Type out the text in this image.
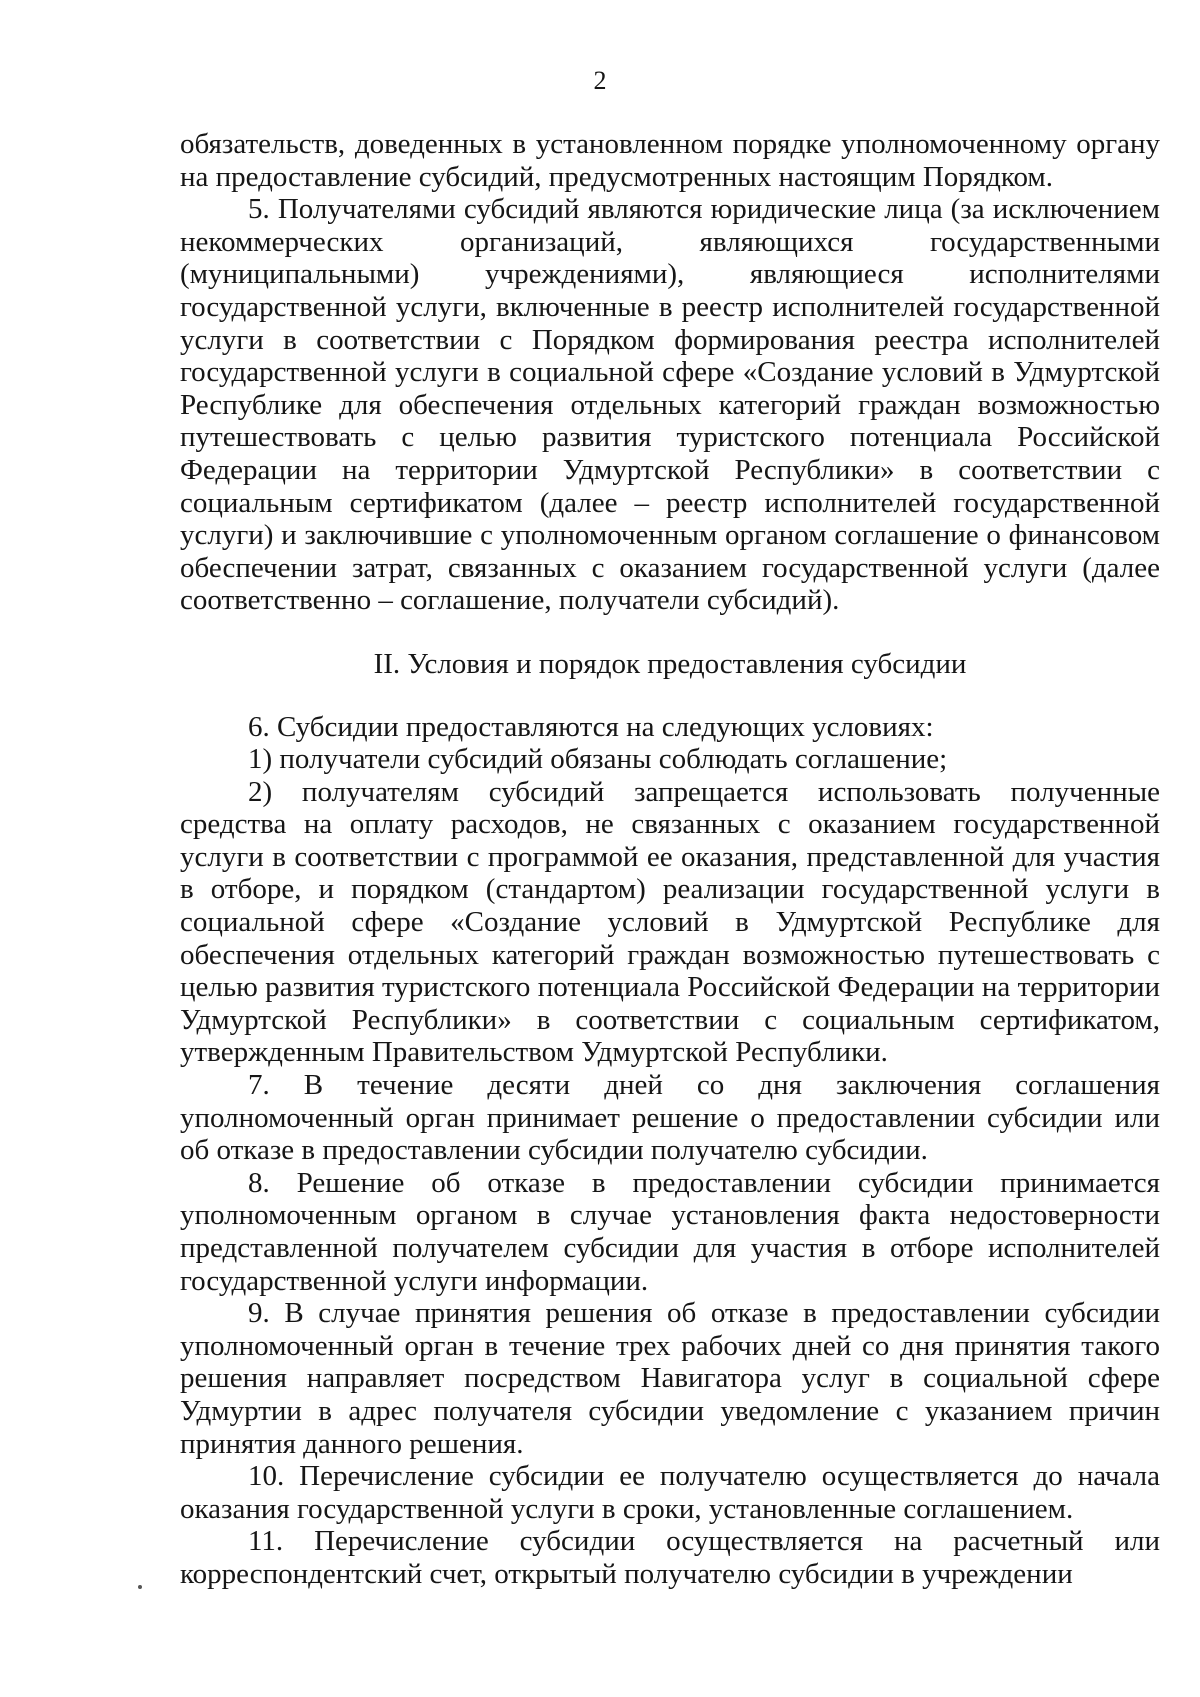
2

обязательств, доведенных в установленном порядке уполномоченному органу на предоставление субсидий, предусмотренных настоящим Порядком.

5. Получателями субсидий являются юридические лица (за исключением некоммерческих организаций, являющихся государственными (муниципальными) учреждениями), являющиеся исполнителями государственной услуги, включенные в реестр исполнителей государственной услуги в соответствии с Порядком формирования реестра исполнителей государственной услуги в социальной сфере «Создание условий в Удмуртской Республике для обеспечения отдельных категорий граждан возможностью путешествовать с целью развития туристского потенциала Российской Федерации на территории Удмуртской Республики» в соответствии с социальным сертификатом (далее – реестр исполнителей государственной услуги) и заключившие с уполномоченным органом соглашение о финансовом обеспечении затрат, связанных с оказанием государственной услуги (далее соответственно – соглашение, получатели субсидий).

II. Условия и порядок предоставления субсидии

6. Субсидии предоставляются на следующих условиях:

1) получатели субсидий обязаны соблюдать соглашение;

2) получателям субсидий запрещается использовать полученные средства на оплату расходов, не связанных с оказанием государственной услуги в соответствии с программой ее оказания, представленной для участия в отборе, и порядком (стандартом) реализации государственной услуги в социальной сфере «Создание условий в Удмуртской Республике для обеспечения отдельных категорий граждан возможностью путешествовать с целью развития туристского потенциала Российской Федерации на территории Удмуртской Республики» в соответствии с социальным сертификатом, утвержденным Правительством Удмуртской Республики.

7. В течение десяти дней со дня заключения соглашения уполномоченный орган принимает решение о предоставлении субсидии или об отказе в предоставлении субсидии получателю субсидии.

8. Решение об отказе в предоставлении субсидии принимается уполномоченным органом в случае установления факта недостоверности представленной получателем субсидии для участия в отборе исполнителей государственной услуги информации.

9. В случае принятия решения об отказе в предоставлении субсидии уполномоченный орган в течение трех рабочих дней со дня принятия такого решения направляет посредством Навигатора услуг в социальной сфере Удмуртии в адрес получателя субсидии уведомление с указанием причин принятия данного решения.

10. Перечисление субсидии ее получателю осуществляется до начала оказания государственной услуги в сроки, установленные соглашением.

11. Перечисление субсидии осуществляется на расчетный или корреспондентский счет, открытый получателю субсидии в учреждении
